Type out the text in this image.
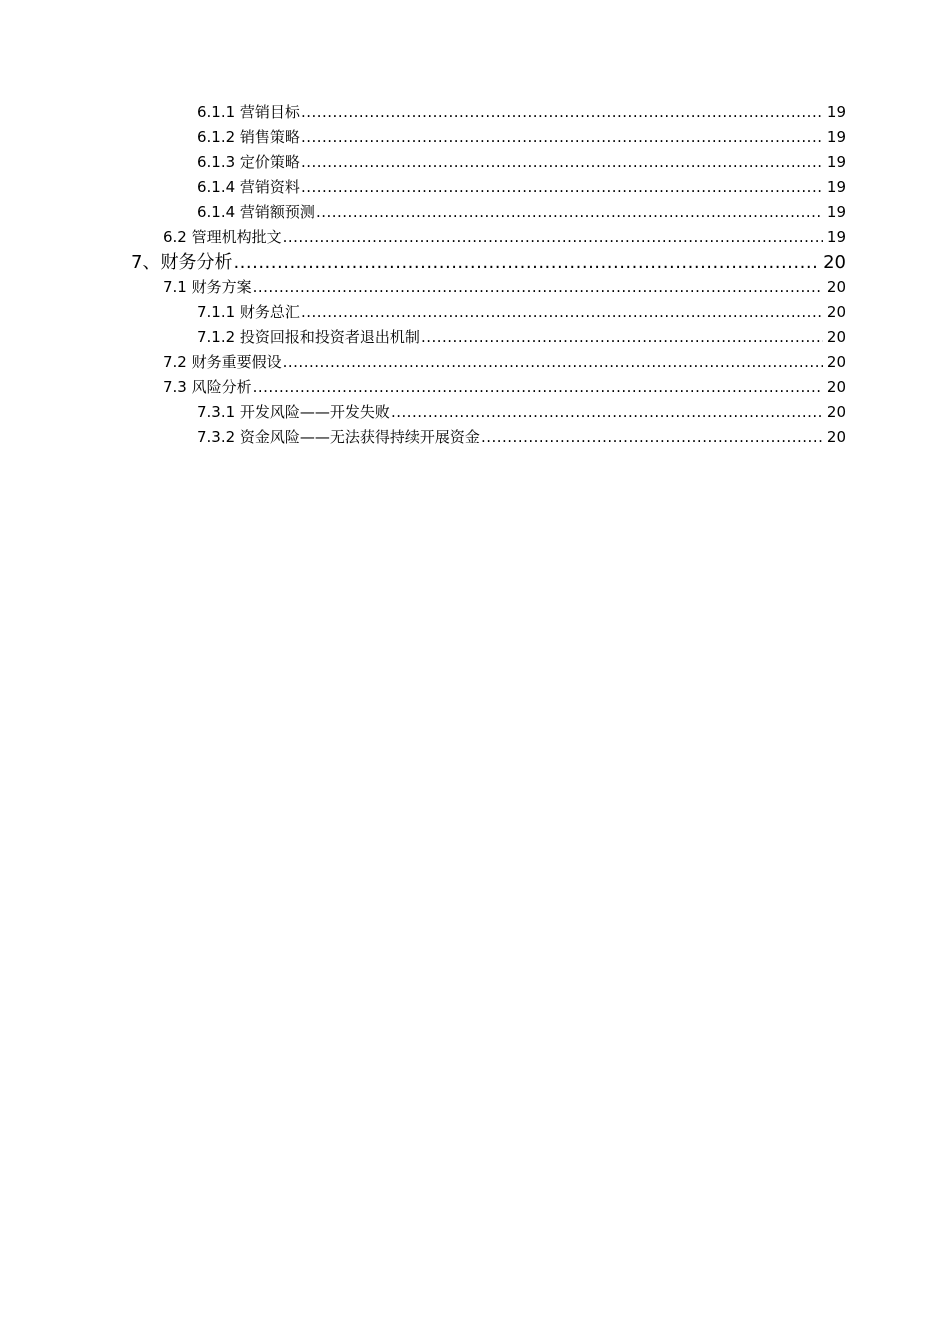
6.1.1 营销目标 .....	19
6.1.2 销售策略 .....	19
6.1.3 定价策略 .....	19
6.1.4 营销资料 .....	19
6.1.4 营销额预测 .....	19
6.2 管理机构批文 .....	19
7、财务分析 .....	20
7.1 财务方案 .....	20
7.1.1 财务总汇 .....	20
7.1.2 投资回报和投资者退出机制 .....	20
7.2 财务重要假设 .....	20
7.3 风险分析 .....	20
7.3.1 开发风险——开发失败 .....	20
7.3.2 资金风险——无法获得持续开展资金 .....	20
